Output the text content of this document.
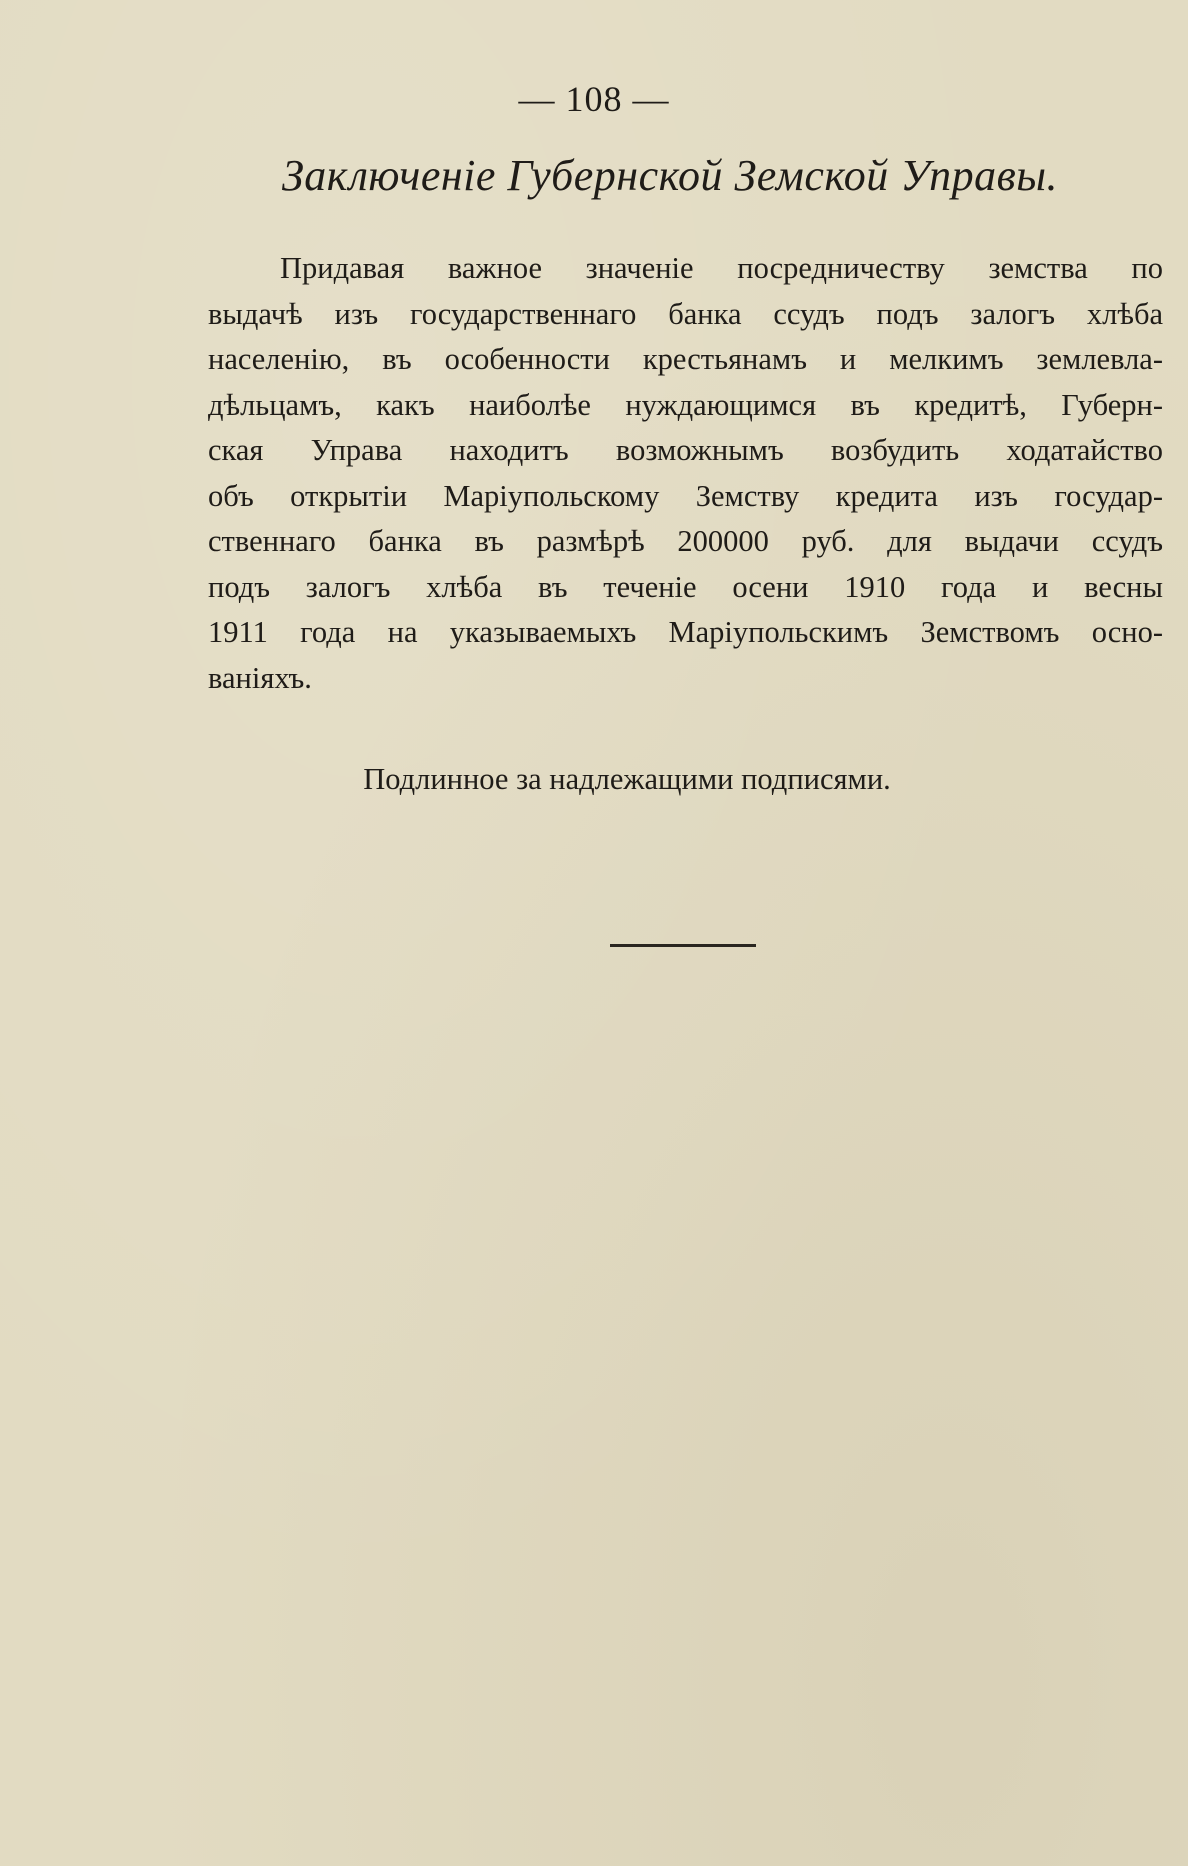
— 108 —
Заключеніе Губернской Земской Управы.
Придавая важное значеніе посредничеству земства по
выдачѣ изъ государственнаго банка ссудъ подъ залогъ хлѣба
населенію, въ особенности крестьянамъ и мелкимъ землевла-
дѣльцамъ, какъ наиболѣе нуждающимся въ кредитѣ, Губерн-
ская Управа находитъ возможнымъ возбудить ходатайство
объ открытіи Маріупольскому Земству кредита изъ государ-
ственнаго банка въ размѣрѣ 200000 руб. для выдачи ссудъ
подъ залогъ хлѣба въ теченіе осени 1910 года и весны
1911 года на указываемыхъ Маріупольскимъ Земствомъ осно-
ваніяхъ.
Подлинное за надлежащими подписями.
